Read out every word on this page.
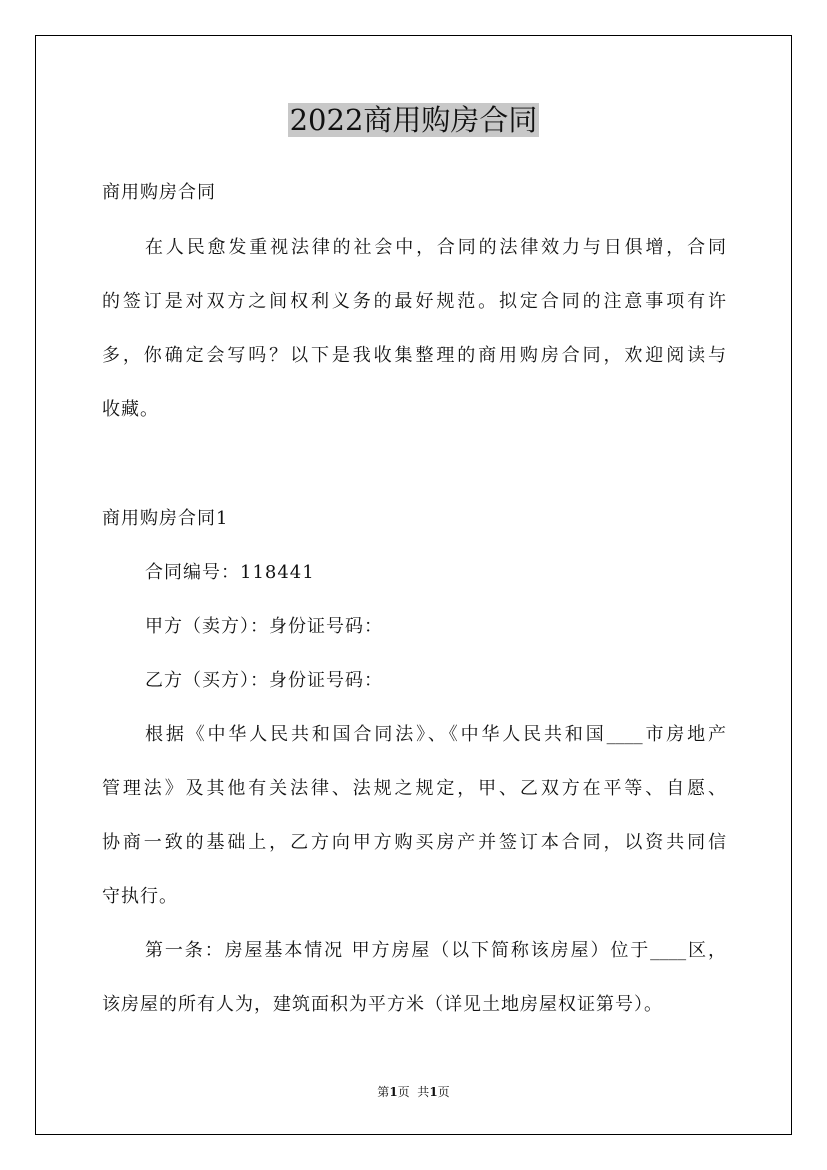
2022商用购房合同
商用购房合同
在人民愈发重视法律的社会中，合同的法律效力与日俱增，合同
的签订是对双方之间权利义务的最好规范。拟定合同的注意事项有许
多，你确定会写吗？以下是我收集整理的商用购房合同，欢迎阅读与
收藏。
商用购房合同1
合同编号：118441
甲方（卖方）：身份证号码：
乙方（买方）：身份证号码：
根据《中华人民共和国合同法》、《中华人民共和国____市房地产
管理法》及其他有关法律、法规之规定，甲、乙双方在平等、自愿、
协商一致的基础上，乙方向甲方购买房产并签订本合同，以资共同信
守执行。
第一条：房屋基本情况 甲方房屋（以下简称该房屋）位于____区，
该房屋的所有人为，建筑面积为平方米（详见土地房屋权证第号）。
第1页  共1页
